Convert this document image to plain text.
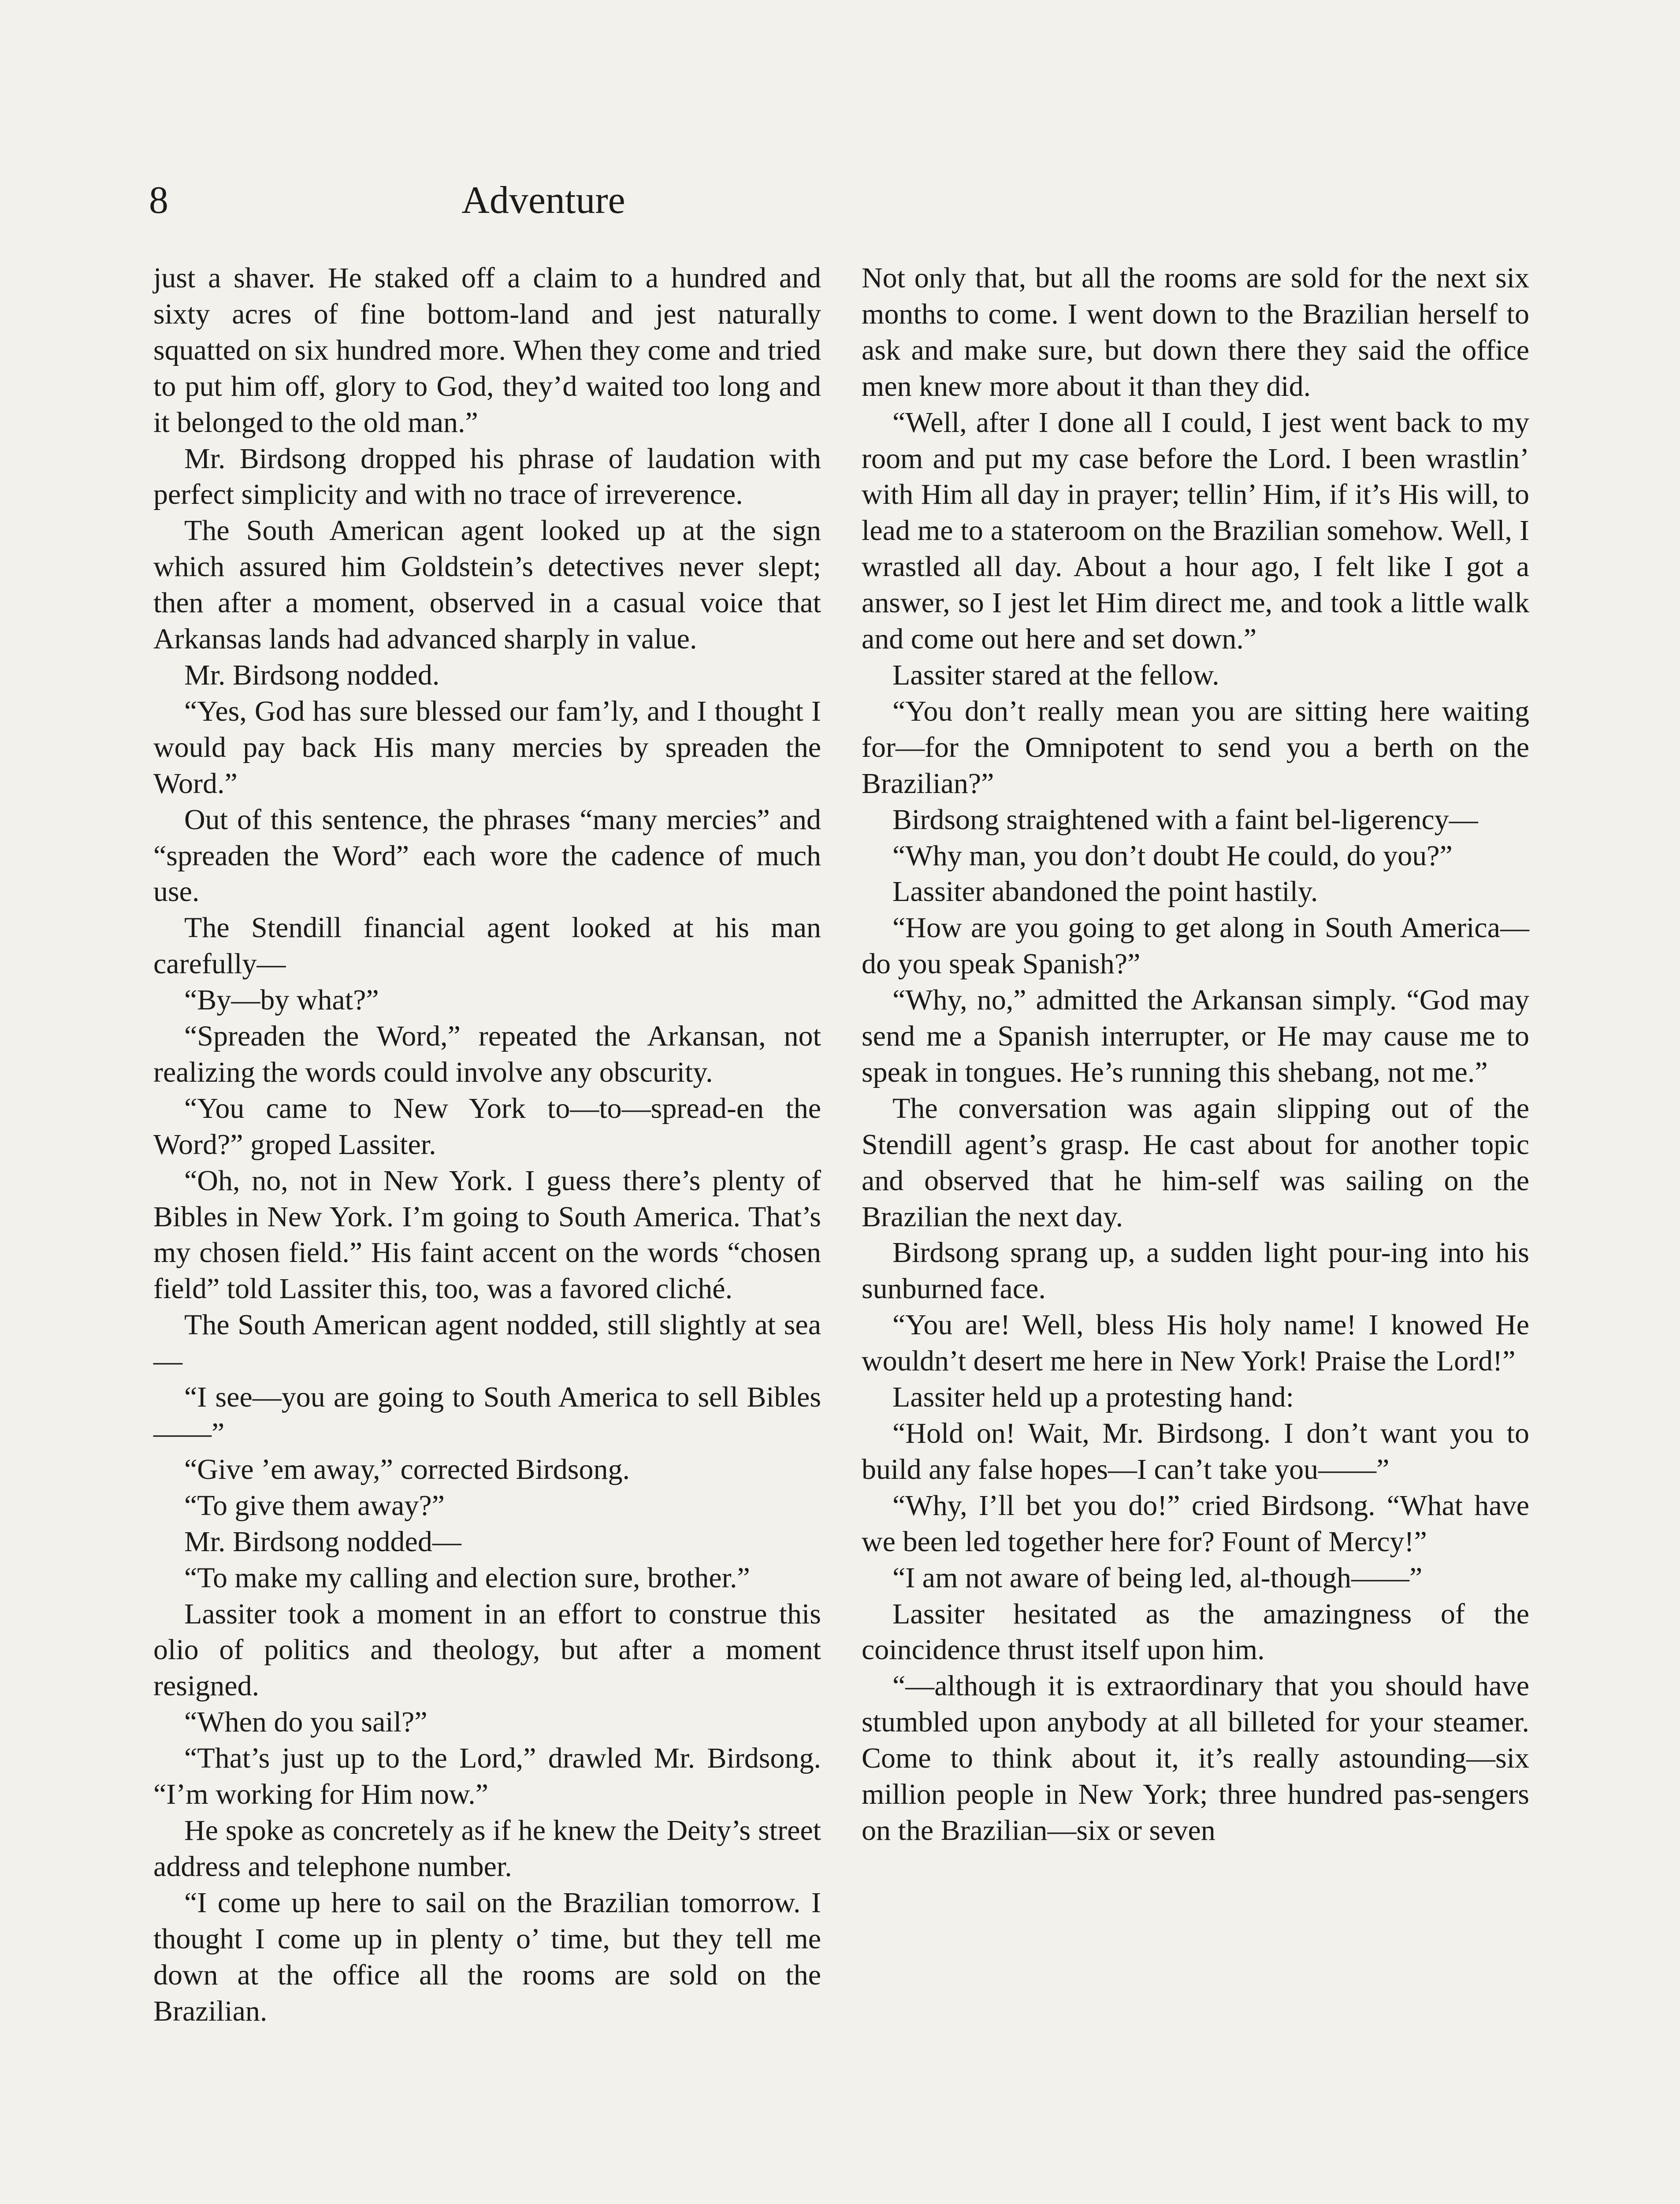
8	Adventure

just a shaver. He staked off a claim to a hundred and sixty acres of fine bottom-land and jest naturally squatted on six hundred more. When they come and tried to put him off, glory to God, they’d waited too long and it belonged to the old man.”

Mr. Birdsong dropped his phrase of laudation with perfect simplicity and with no trace of irreverence.

The South American agent looked up at the sign which assured him Goldstein’s detectives never slept; then after a moment, observed in a casual voice that Arkansas lands had advanced sharply in value.

Mr. Birdsong nodded.

“Yes, God has sure blessed our fam’ly, and I thought I would pay back His many mercies by spreaden the Word.”

Out of this sentence, the phrases “many mercies” and “spreaden the Word” each wore the cadence of much use.

The Stendill financial agent looked at his man carefully—

“By—by what?”

“Spreaden the Word,” repeated the Arkansan, not realizing the words could involve any obscurity.

“You came to New York to—to—spread-en the Word?” groped Lassiter.

“Oh, no, not in New York. I guess there’s plenty of Bibles in New York. I’m going to South America. That’s my chosen field.” His faint accent on the words “chosen field” told Lassiter this, too, was a favored cliché.

The South American agent nodded, still slightly at sea—

“I see—you are going to South America to sell Bibles——”

“Give ’em away,” corrected Birdsong.

“To give them away?”

Mr. Birdsong nodded—

“To make my calling and election sure, brother.”

Lassiter took a moment in an effort to construe this olio of politics and theology, but after a moment resigned.

“When do you sail?”

“That’s just up to the Lord,” drawled Mr. Birdsong. “I’m working for Him now.”

He spoke as concretely as if he knew the Deity’s street address and telephone number.

“I come up here to sail on the Brazilian tomorrow. I thought I come up in plenty o’ time, but they tell me down at the office all the rooms are sold on the Brazilian.

Not only that, but all the rooms are sold for the next six months to come. I went down to the Brazilian herself to ask and make sure, but down there they said the office men knew more about it than they did.

“Well, after I done all I could, I jest went back to my room and put my case before the Lord. I been wrastlin’ with Him all day in prayer; tellin’ Him, if it’s His will, to lead me to a stateroom on the Brazilian somehow. Well, I wrastled all day. About a hour ago, I felt like I got a answer, so I jest let Him direct me, and took a little walk and come out here and set down.”

Lassiter stared at the fellow.

“You don’t really mean you are sitting here waiting for—for the Omnipotent to send you a berth on the Brazilian?”

Birdsong straightened with a faint bel-ligerency—

“Why man, you don’t doubt He could, do you?”

Lassiter abandoned the point hastily.

“How are you going to get along in South America—do you speak Spanish?”

“Why, no,” admitted the Arkansan simply. “God may send me a Spanish interrupter, or He may cause me to speak in tongues. He’s running this shebang, not me.”

The conversation was again slipping out of the Stendill agent’s grasp. He cast about for another topic and observed that he him-self was sailing on the Brazilian the next day.

Birdsong sprang up, a sudden light pour-ing into his sunburned face.

“You are! Well, bless His holy name! I knowed He wouldn’t desert me here in New York! Praise the Lord!”

Lassiter held up a protesting hand:

“Hold on! Wait, Mr. Birdsong. I don’t want you to build any false hopes—I can’t take you——”

“Why, I’ll bet you do!” cried Birdsong. “What have we been led together here for? Fount of Mercy!”

“I am not aware of being led, al-though——”

Lassiter hesitated as the amazingness of the coincidence thrust itself upon him.

“—although it is extraordinary that you should have stumbled upon anybody at all billeted for your steamer. Come to think about it, it’s really astounding—six million people in New York; three hundred pas-sengers on the Brazilian—six or seven
